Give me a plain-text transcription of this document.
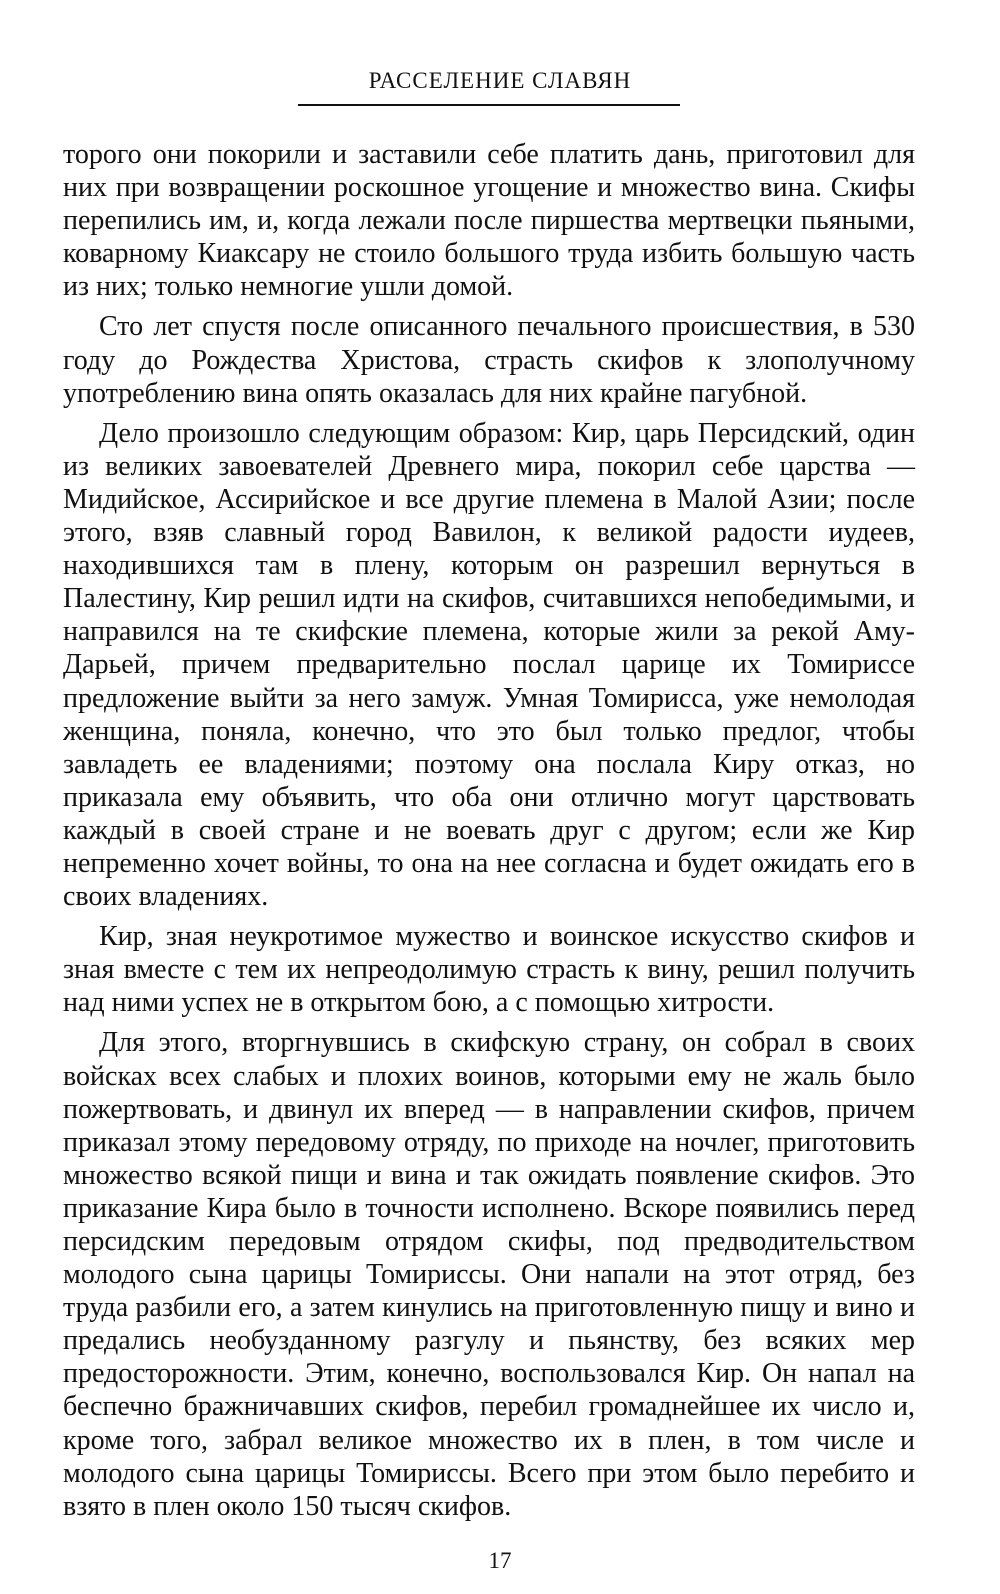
РАССЕЛЕНИЕ СЛАВЯН

торого они покорили и заставили себе платить дань, приготовил для них при возвращении роскошное угощение и множество вина. Скифы перепились им, и, когда лежали после пиршества мертвецки пьяными, коварному Киаксару не стоило большого труда избить большую часть из них; только немногие ушли домой.

Сто лет спустя после описанного печального происшествия, в 530 году до Рождества Христова, страсть скифов к злополучному употреблению вина опять оказалась для них крайне пагубной.

Дело произошло следующим образом: Кир, царь Персидский, один из великих завоевателей Древнего мира, покорил себе царства — Мидийское, Ассирийское и все другие племена в Малой Азии; после этого, взяв славный город Вавилон, к великой радости иудеев, находившихся там в плену, которым он разрешил вернуться в Палестину, Кир решил идти на скифов, считавшихся непобедимыми, и направился на те скифские племена, которые жили за рекой Аму-Дарьей, причем предварительно послал царице их Томириссе предложение выйти за него замуж. Умная Томирисса, уже немолодая женщина, поняла, конечно, что это был только предлог, чтобы завладеть ее владениями; поэтому она послала Киру отказ, но приказала ему объявить, что оба они отлично могут царствовать каждый в своей стране и не воевать друг с другом; если же Кир непременно хочет войны, то она на нее согласна и будет ожидать его в своих владениях.

Кир, зная неукротимое мужество и воинское искусство скифов и зная вместе с тем их непреодолимую страсть к вину, решил получить над ними успех не в открытом бою, а с помощью хитрости.

Для этого, вторгнувшись в скифскую страну, он собрал в своих войсках всех слабых и плохих воинов, которыми ему не жаль было пожертвовать, и двинул их вперед — в направлении скифов, причем приказал этому передовому отряду, по приходе на ночлег, приготовить множество всякой пищи и вина и так ожидать появление скифов. Это приказание Кира было в точности исполнено. Вскоре появились перед персидским передовым отрядом скифы, под предводительством молодого сына царицы Томириссы. Они напали на этот отряд, без труда разбили его, а затем кинулись на приготовленную пищу и вино и предались необузданному разгулу и пьянству, без всяких мер предосторожности. Этим, конечно, воспользовался Кир. Он напал на беспечно бражничавших скифов, перебил громаднейшее их число и, кроме того, забрал великое множество их в плен, в том числе и молодого сына царицы Томириссы. Всего при этом было перебито и взято в плен около 150 тысяч скифов.

17
